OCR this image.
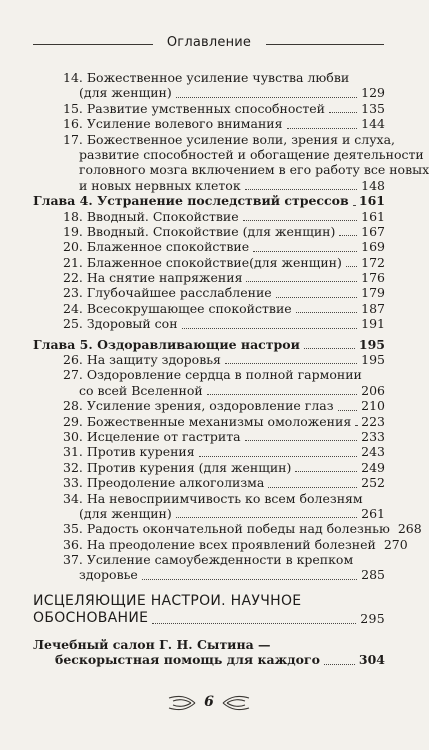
Оглавление
14. Божественное усиление чувства любви
(для женщин)	129
15. Развитие умственных способностей	135
16. Усиление волевого внимания	144
17. Божественное усиление воли, зрения и слуха,
развитие способностей и обогащение деятельности
головного мозга включением в его работу все новых
и новых нервных клеток	148
Глава 4. Устранение последствий стрессов 161
18. Вводный. Спокойствие	161
19. Вводный. Спокойствие (для женщин) 167
20. Блаженное спокойствие	169
21. Блаженное спокойствие(для женщин) 172
22. На снятие напряжения	176
23. Глубочайшее расслабление	179
24. Всесокрушающее спокойствие	187
25. Здоровый сон	191
Глава 5. Оздоравливающие настрои	195
26. На защиту здоровья	195
27. Оздоровление сердца в полной гармонии
со всей Вселенной	206
28. Усиление зрения, оздоровление глаз 210
29. Божественные механизмы омоложения 223
30. Исцеление от гастрита	233
31. Против курения	243
32. Против курения (для женщин)	249
33. Преодоление алкоголизма	252
34. На невосприимчивость ко всем болезням
(для женщин)	261
35. Радость окончательной победы над болезнью 268
36. На преодоление всех проявлений болезней 270
37. Усиление самоубежденности в крепком
здоровье	285
ИСЦЕЛЯЮЩИЕ НАСТРОИ. НАУЧНОЕ
ОБОСНОВАНИЕ	295
Лечебный салон Г. Н. Сытина —
бескорыстная помощь для каждого	304
6
